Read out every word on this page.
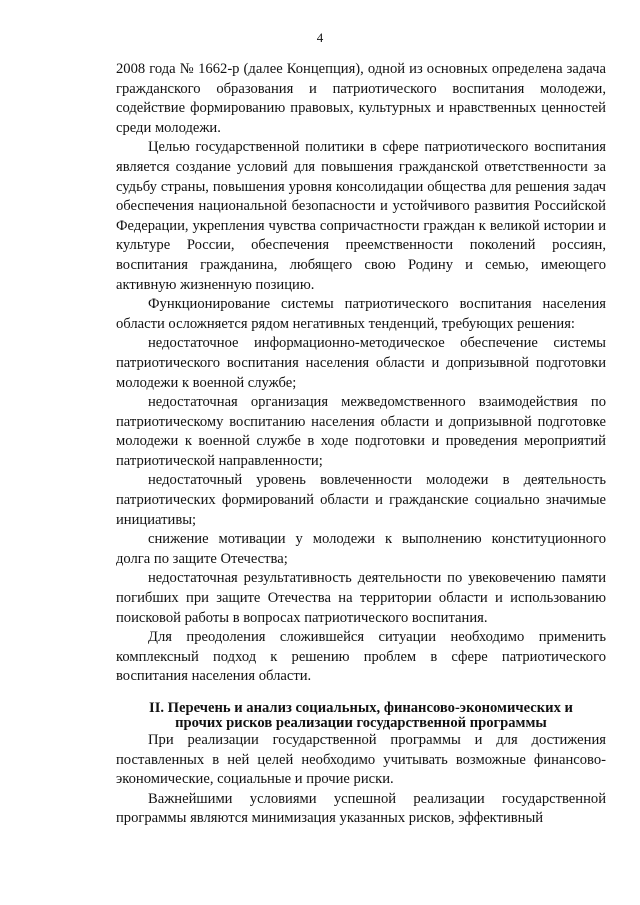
4

2008 года № 1662-р (далее Концепция), одной из основных определена задача гражданского образования и патриотического воспитания молодежи, содействие формированию правовых, культурных и нравственных ценностей среди молодежи.

Целью государственной политики в сфере патриотического воспитания является создание условий для повышения гражданской ответственности за судьбу страны, повышения уровня консолидации общества для решения задач обеспечения национальной безопасности и устойчивого развития Российской Федерации, укрепления чувства сопричастности граждан к великой истории и культуре России, обеспечения преемственности поколений россиян, воспитания гражданина, любящего свою Родину и семью, имеющего активную жизненную позицию.

Функционирование системы патриотического воспитания населения области осложняется рядом негативных тенденций, требующих решения:

недостаточное информационно-методическое обеспечение системы патриотического воспитания населения области и допризывной подготовки молодежи к военной службе;

недостаточная организация межведомственного взаимодействия по патриотическому воспитанию населения области и допризывной подготовке молодежи к военной службе в ходе подготовки и проведения мероприятий патриотической направленности;

недостаточный уровень вовлеченности молодежи в деятельность патриотических формирований области и гражданские социально значимые инициативы;

снижение мотивации у молодежи к выполнению конституционного долга по защите Отечества;

недостаточная результативность деятельности по увековечению памяти погибших при защите Отечества на территории области и использованию поисковой работы в вопросах патриотического воспитания.

Для преодоления сложившейся ситуации необходимо применить комплексный подход к решению проблем в сфере патриотического воспитания населения области.

II. Перечень и анализ социальных, финансово-экономических и прочих рисков реализации государственной программы

При реализации государственной программы и для достижения поставленных в ней целей необходимо учитывать возможные финансово-экономические, социальные и прочие риски.

Важнейшими условиями успешной реализации государственной программы являются минимизация указанных рисков, эффективный
